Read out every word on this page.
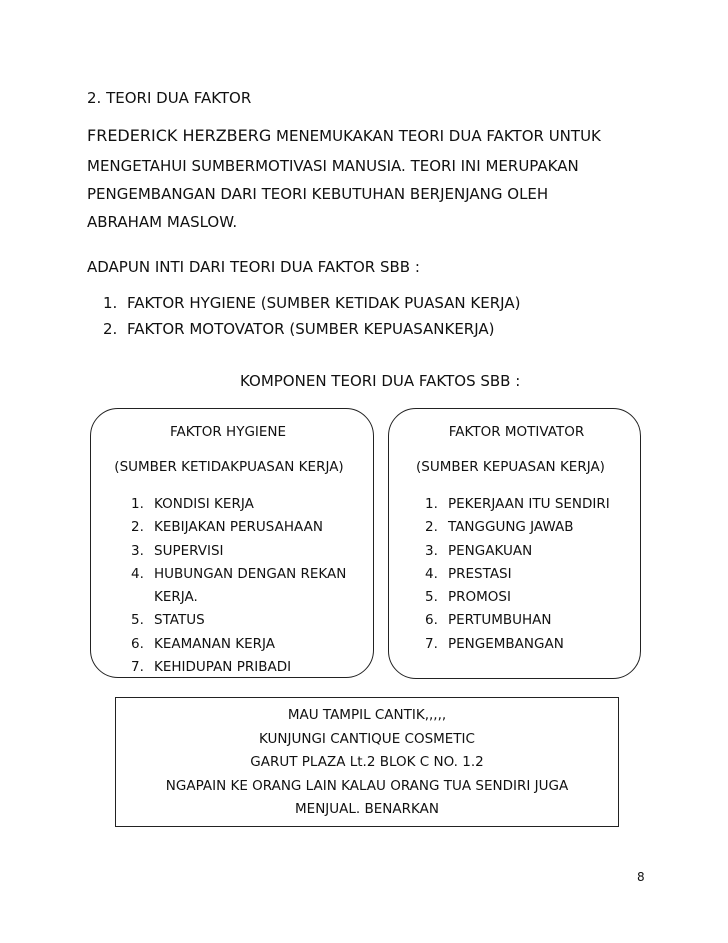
2. TEORI DUA FAKTOR
FREDERICK HERZBERG MENEMUKAKAN TEORI DUA FAKTOR UNTUK
MENGETAHUI SUMBERMOTIVASI MANUSIA. TEORI INI MERUPAKAN
PENGEMBANGAN DARI TEORI KEBUTUHAN BERJENJANG OLEH
ABRAHAM MASLOW.
ADAPUN INTI DARI TEORI DUA FAKTOR SBB :
1. FAKTOR HYGIENE (SUMBER KETIDAK PUASAN KERJA)
2. FAKTOR MOTOVATOR (SUMBER KEPUASANKERJA)
KOMPONEN TEORI DUA FAKTOS SBB :
FAKTOR HYGIENE
(SUMBER KETIDAKPUASAN KERJA)
1. KONDISI KERJA
2. KEBIJAKAN PERUSAHAAN
3. SUPERVISI
4. HUBUNGAN DENGAN REKAN
KERJA.
5. STATUS
6. KEAMANAN KERJA
7. KEHIDUPAN PRIBADI
FAKTOR MOTIVATOR
(SUMBER KEPUASAN KERJA)
1. PEKERJAAN ITU SENDIRI
2. TANGGUNG JAWAB
3. PENGAKUAN
4. PRESTASI
5. PROMOSI
6. PERTUMBUHAN
7. PENGEMBANGAN
MAU TAMPIL CANTIK,,,,,
KUNJUNGI CANTIQUE COSMETIC
GARUT PLAZA Lt.2 BLOK C NO. 1.2
NGAPAIN KE ORANG LAIN KALAU ORANG TUA SENDIRI JUGA
MENJUAL. BENARKAN
8
